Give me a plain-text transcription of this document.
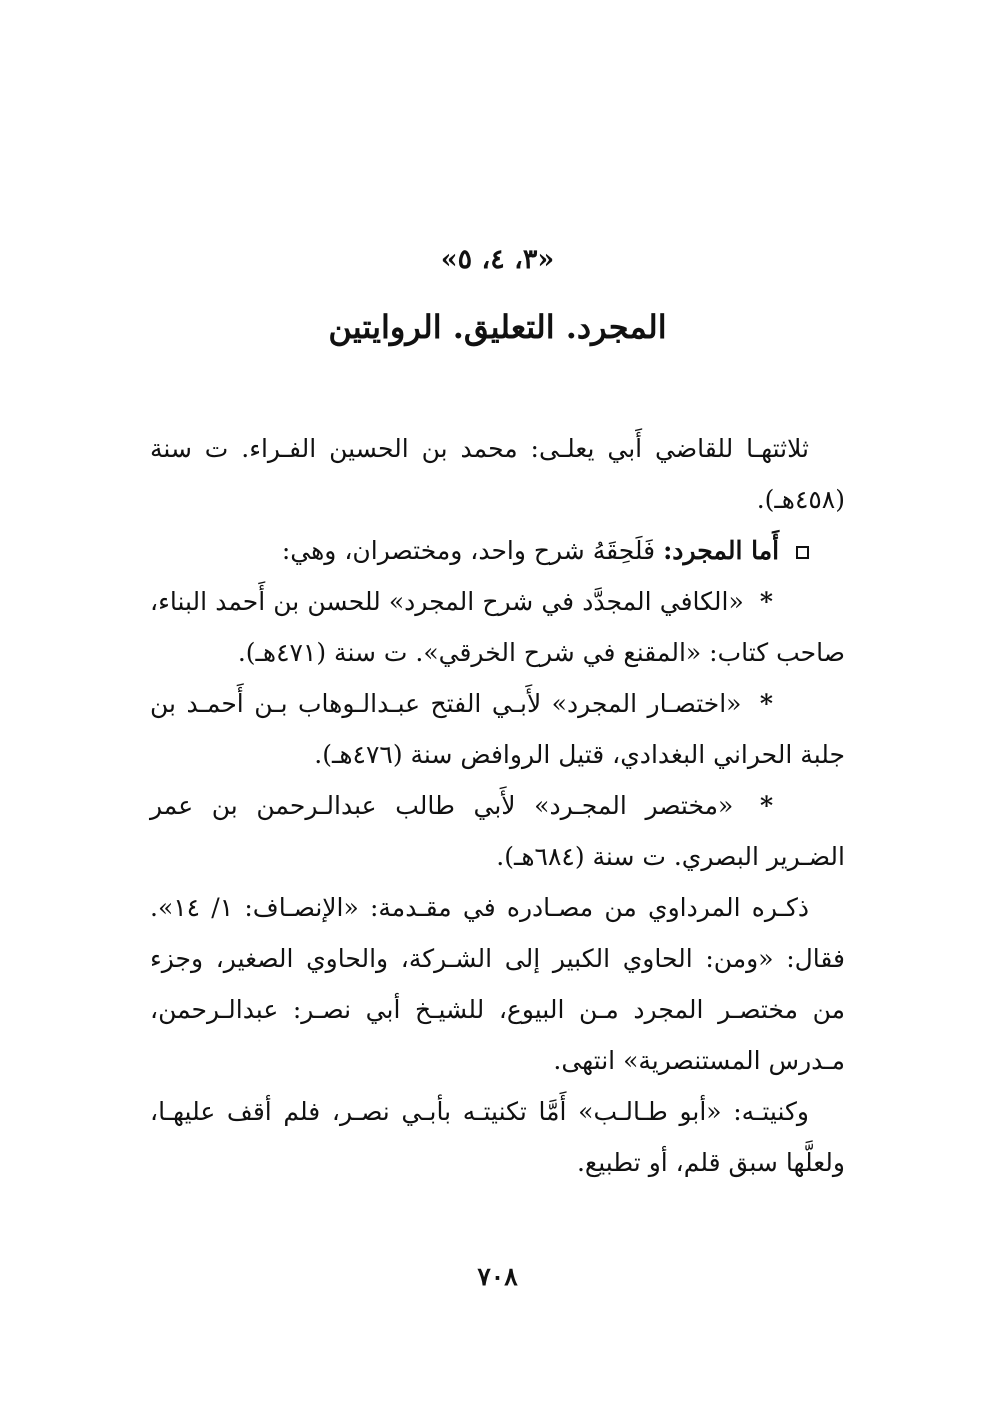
«٣، ٤، ٥»
المجرد. التعليق. الروايتين

ثلاثتهـا للقاضي أَبي يعلـى: محمد بن الحسين الفـراء. ت سنة (٤٥٨هـ).

أَما المجرد: فَلَحِقَهُ شرح واحد، ومختصران، وهي:

* «الكافي المجدَّد في شرح المجرد» للحسن بن أَحمد البناء، صاحب كتاب: «المقنع في شرح الخرقي». ت سنة (٤٧١هـ).

* «اختصـار المجرد» لأَبـي الفتح عبـدالـوهاب بـن أَحمـد بن جلبة الحراني البغدادي، قتيل الروافض سنة (٤٧٦هـ).

* «مختصر المجـرد» لأَبي طالب عبدالـرحمن بن عمر الضـرير البصري. ت سنة (٦٨٤هـ).

ذكـره المرداوي من مصـادره في مقـدمة: «الإنصـاف: ١/ ١٤». فقال: «ومن: الحاوي الكبير إلى الشـركة، والحاوي الصغير، وجزء من مختصـر المجرد مـن البيوع، للشيـخ أبي نصـر: عبدالـرحمن، مـدرس المستنصرية» انتهى.

وكنيتـه: «أبو طـالـب» أَمَّا تكنيتـه بأبـي نصـر، فلم أقف عليهـا، ولعلَّها سبق قلم، أو تطبيع.

٧٠٨
